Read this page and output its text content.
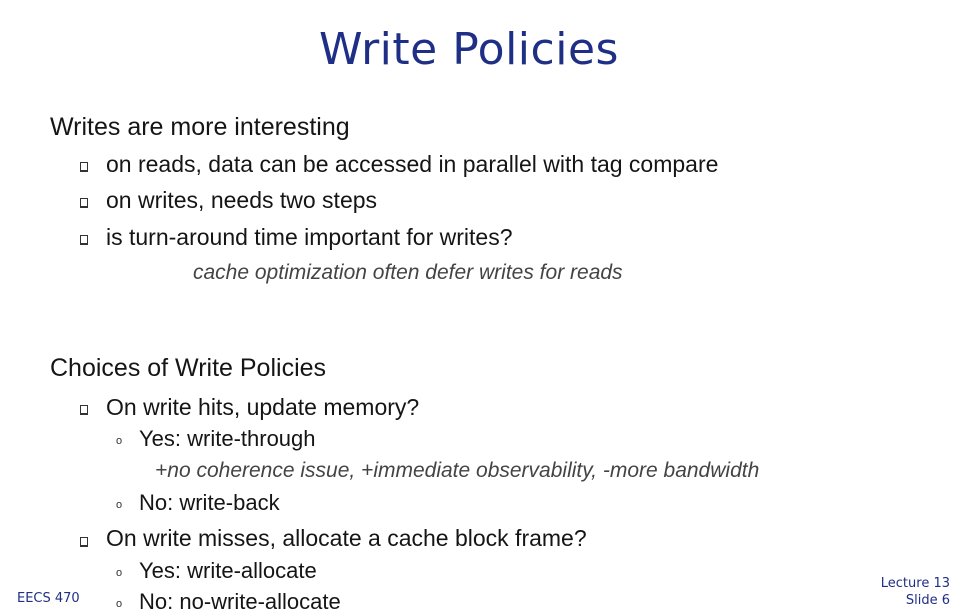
Write Policies
Writes are more interesting
on reads, data can be accessed in parallel with tag compare
on writes, needs two steps
is turn-around time important for writes?
cache optimization often defer writes for reads
Choices of Write Policies
On write hits, update memory?
o Yes: write-through
+no coherence issue, +immediate observability, -more bandwidth
o No: write-back
On write misses, allocate a cache block frame?
o Yes: write-allocate
o No: no-write-allocate
EECS 470
Lecture 13
Slide 6
